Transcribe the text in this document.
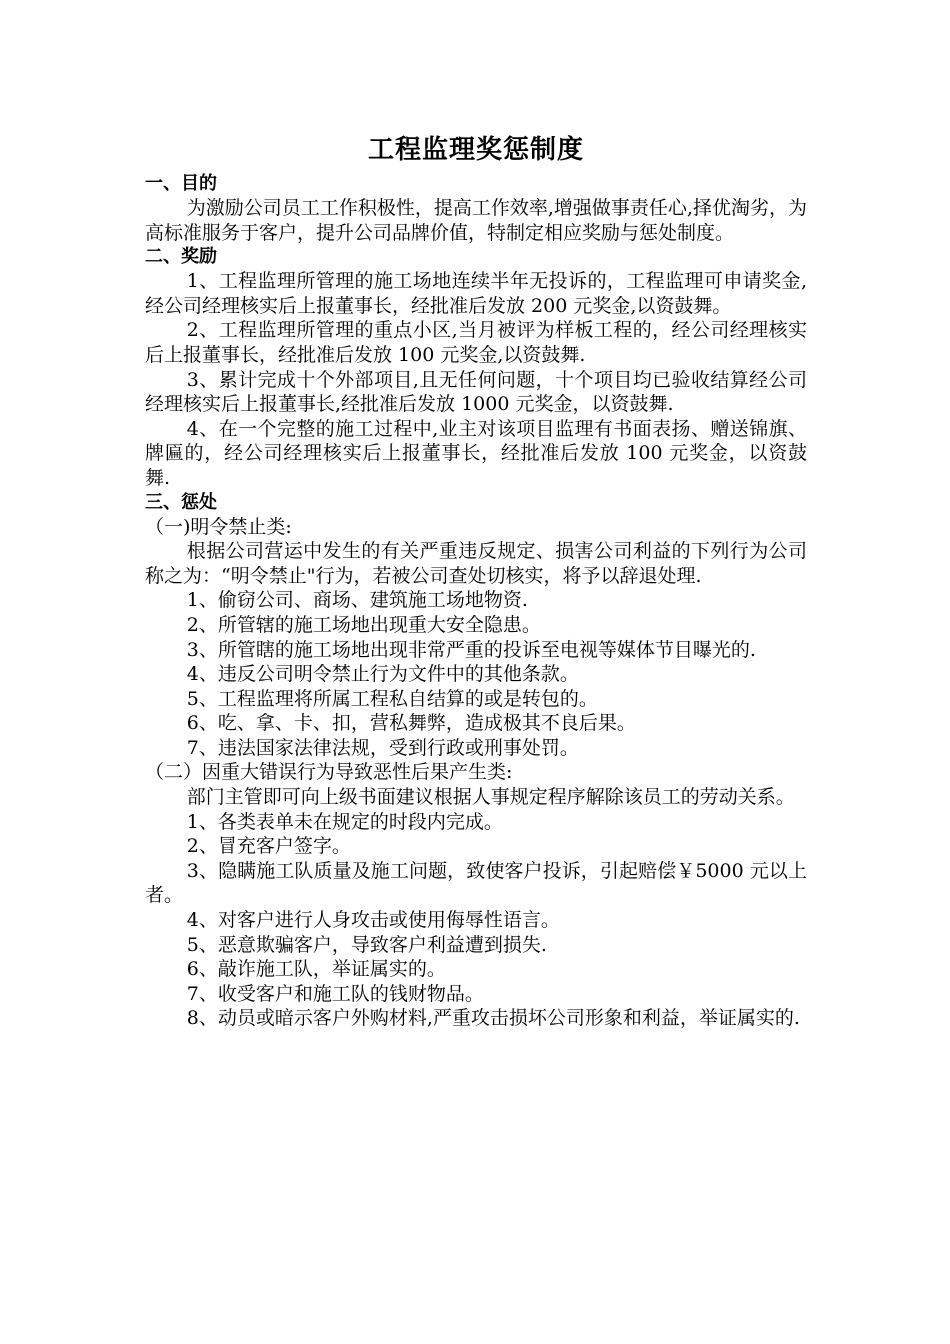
工程监理奖惩制度
一、目的

为激励公司员工工作积极性，提高工作效率,增强做事责任心,择优淘劣，为高标准服务于客户，提升公司品牌价值，特制定相应奖励与惩处制度。

二、奖励

1、工程监理所管理的施工场地连续半年无投诉的，工程监理可申请奖金,经公司经理核实后上报董事长，经批准后发放 200 元奖金,以资鼓舞。

2、工程监理所管理的重点小区,当月被评为样板工程的，经公司经理核实后上报董事长，经批准后发放 100 元奖金,以资鼓舞.

3、累计完成十个外部项目,且无任何问题，十个项目均已验收结算经公司经理核实后上报董事长,经批准后发放 1000 元奖金，以资鼓舞.

4、在一个完整的施工过程中,业主对该项目监理有书面表扬、赠送锦旗、牌匾的，经公司经理核实后上报董事长，经批准后发放 100 元奖金，以资鼓舞.

三、惩处

（一)明令禁止类:

根据公司营运中发生的有关严重违反规定、损害公司利益的下列行为公司称之为：“明令禁止"行为，若被公司查处切核实，将予以辞退处理.

1、偷窃公司、商场、建筑施工场地物资.

2、所管辖的施工场地出现重大安全隐患。

3、所管瞎的施工场地出现非常严重的投诉至电视等媒体节目曝光的.

4、违反公司明令禁止行为文件中的其他条款。

5、工程监理将所属工程私自结算的或是转包的。

6、吃、拿、卡、扣，营私舞弊，造成极其不良后果。

7、违法国家法律法规，受到行政或刑事处罚。

（二）因重大错误行为导致恶性后果产生类:

部门主管即可向上级书面建议根据人事规定程序解除该员工的劳动关系。

1、各类表单未在规定的时段内完成。

2、冒充客户签字。

3、隐瞒施工队质量及施工问题，致使客户投诉，引起赔偿￥5000 元以上者。

4、对客户进行人身攻击或使用侮辱性语言。

5、恶意欺骗客户，导致客户利益遭到损失.

6、敲诈施工队，举证属实的。

7、收受客户和施工队的钱财物品。

8、动员或暗示客户外购材料,严重攻击损坏公司形象和利益，举证属实的.
